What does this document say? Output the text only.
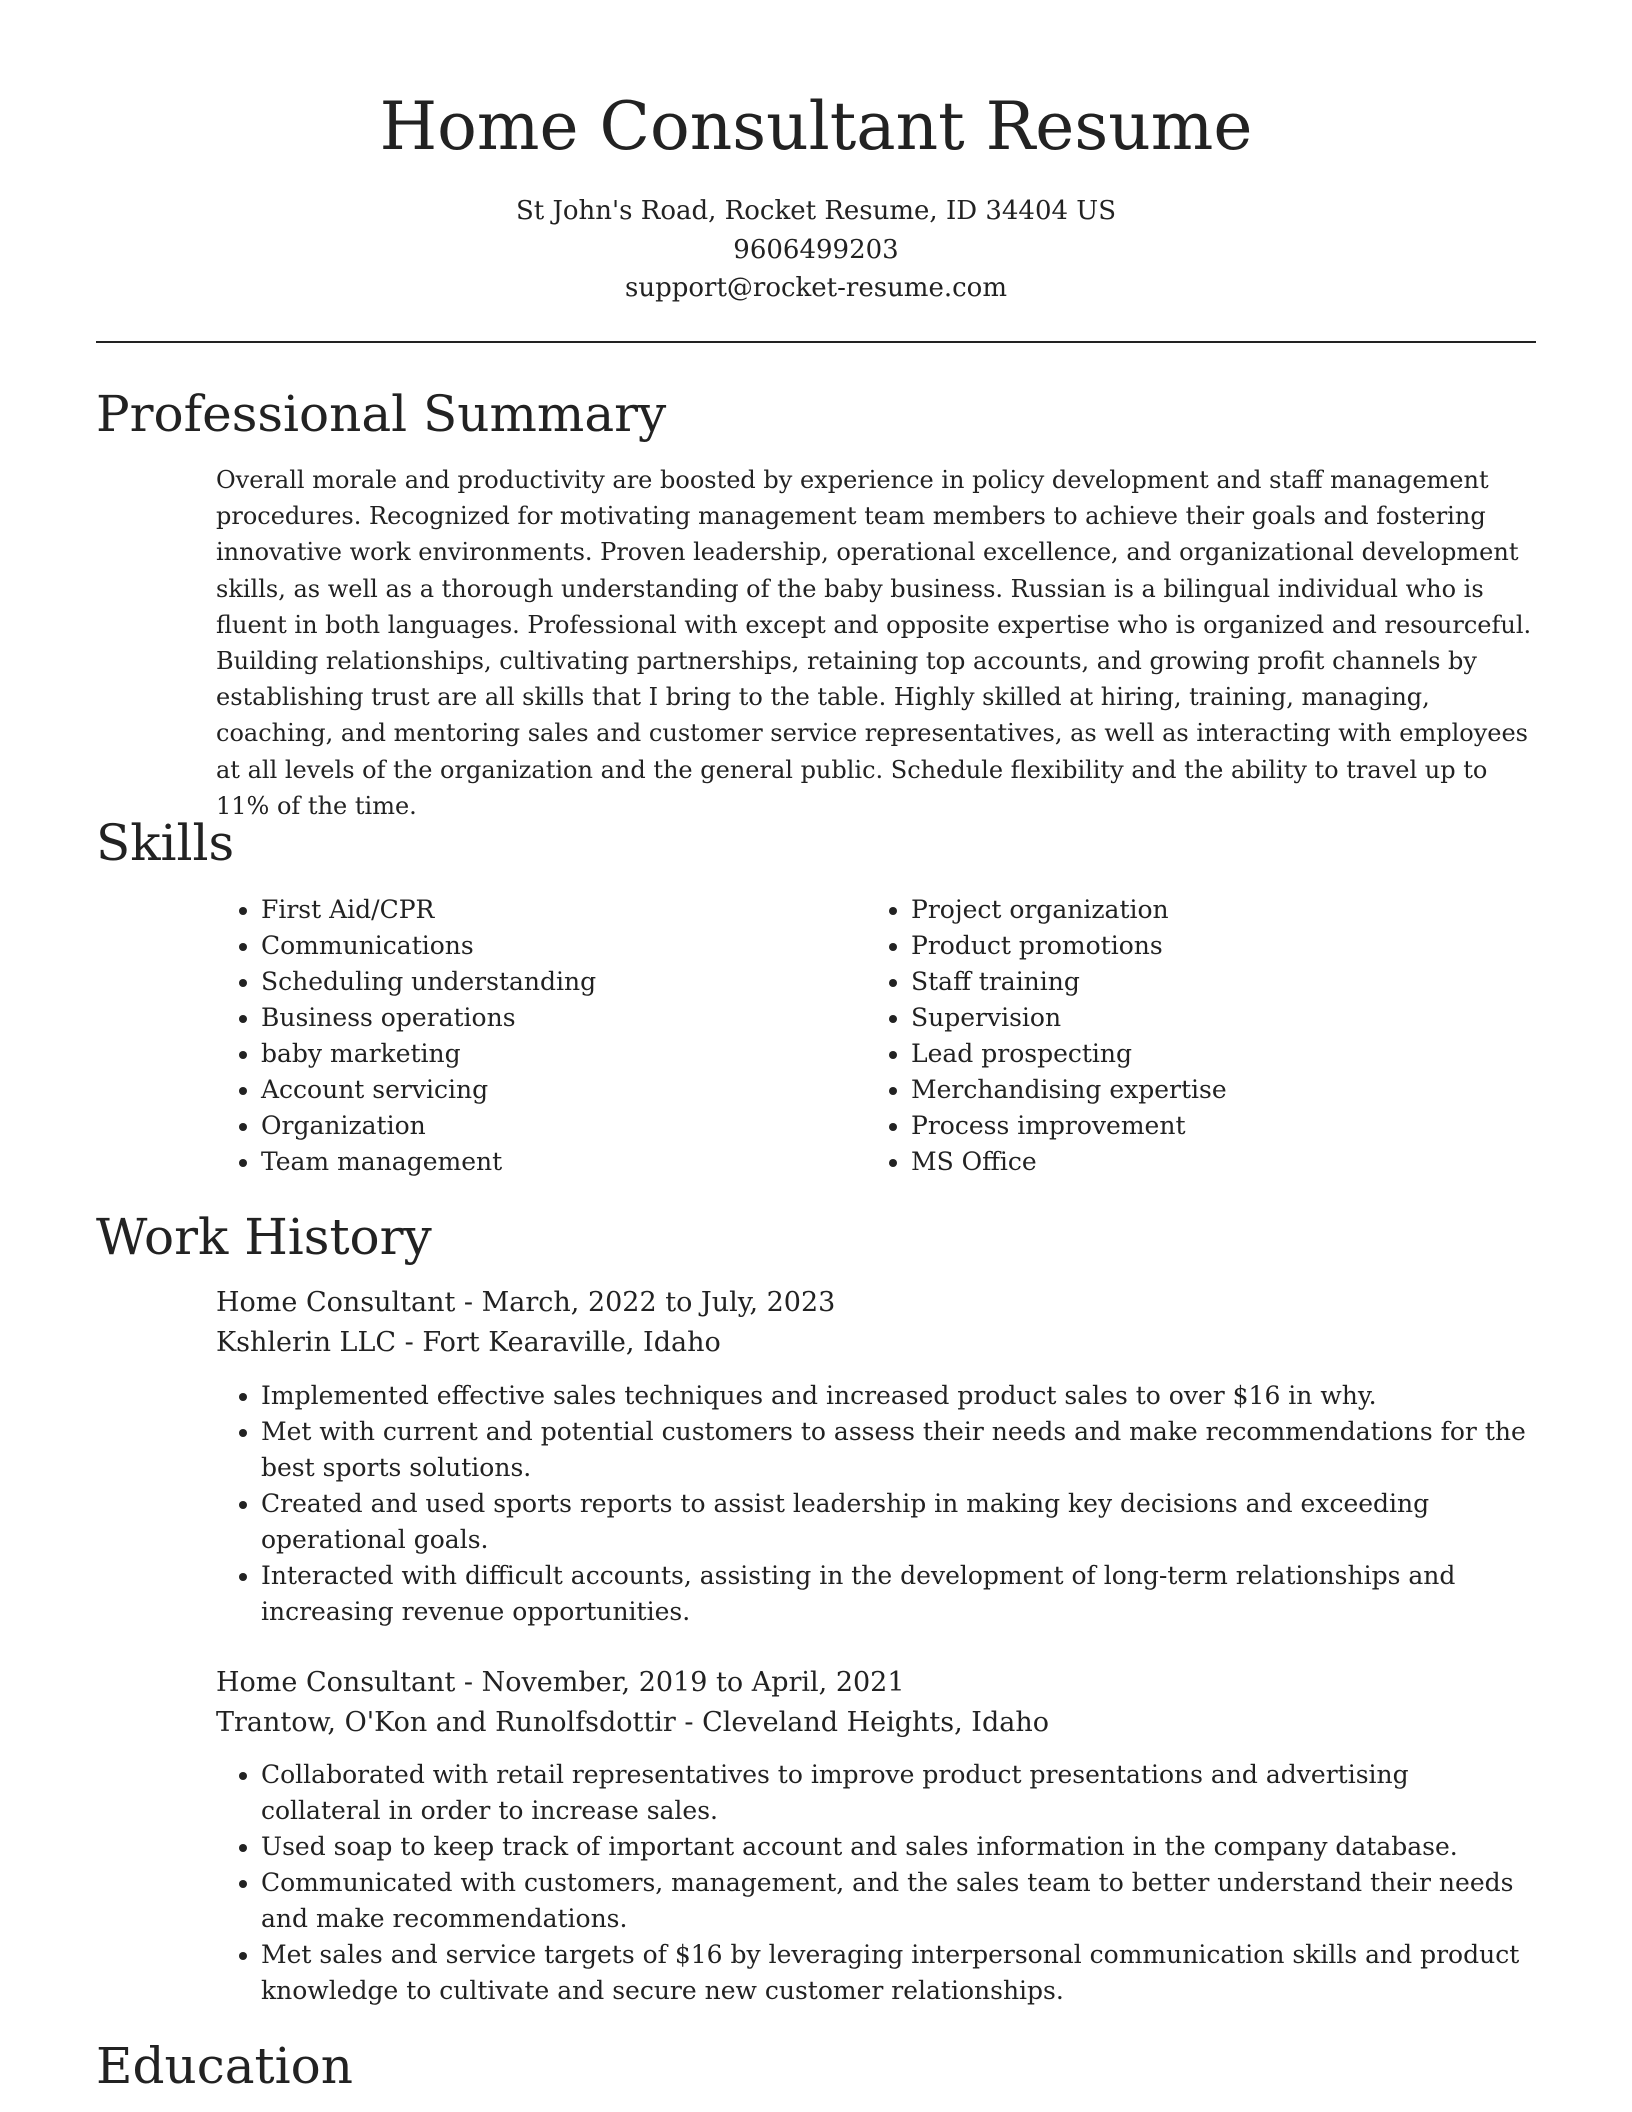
Home Consultant Resume
St John's Road, Rocket Resume, ID 34404 US
9606499203
support@rocket-resume.com
Professional Summary

Overall morale and productivity are boosted by experience in policy development and staff management procedures. Recognized for motivating management team members to achieve their goals and fostering innovative work environments. Proven leadership, operational excellence, and organizational development skills, as well as a thorough understanding of the baby business. Russian is a bilingual individual who is fluent in both languages. Professional with except and opposite expertise who is organized and resourceful. Building relationships, cultivating partnerships, retaining top accounts, and growing profit channels by establishing trust are all skills that I bring to the table. Highly skilled at hiring, training, managing, coaching, and mentoring sales and customer service representatives, as well as interacting with employees at all levels of the organization and the general public. Schedule flexibility and the ability to travel up to 11% of the time.

Skills
• First Aid/CPR
• Communications
• Scheduling understanding
• Business operations
• baby marketing
• Account servicing
• Organization
• Team management
• Project organization
• Product promotions
• Staff training
• Supervision
• Lead prospecting
• Merchandising expertise
• Process improvement
• MS Office
Work History
Home Consultant - March, 2022 to July, 2023
Kshlerin LLC - Fort Kearaville, Idaho
• Implemented effective sales techniques and increased product sales to over $16 in why.
• Met with current and potential customers to assess their needs and make recommendations for the best sports solutions.
• Created and used sports reports to assist leadership in making key decisions and exceeding operational goals.
• Interacted with difficult accounts, assisting in the development of long-term relationships and increasing revenue opportunities.
Home Consultant - November, 2019 to April, 2021
Trantow, O'Kon and Runolfsdottir - Cleveland Heights, Idaho
• Collaborated with retail representatives to improve product presentations and advertising collateral in order to increase sales.
• Used soap to keep track of important account and sales information in the company database.
• Communicated with customers, management, and the sales team to better understand their needs and make recommendations.
• Met sales and service targets of $16 by leveraging interpersonal communication skills and product knowledge to cultivate and secure new customer relationships.
Education
